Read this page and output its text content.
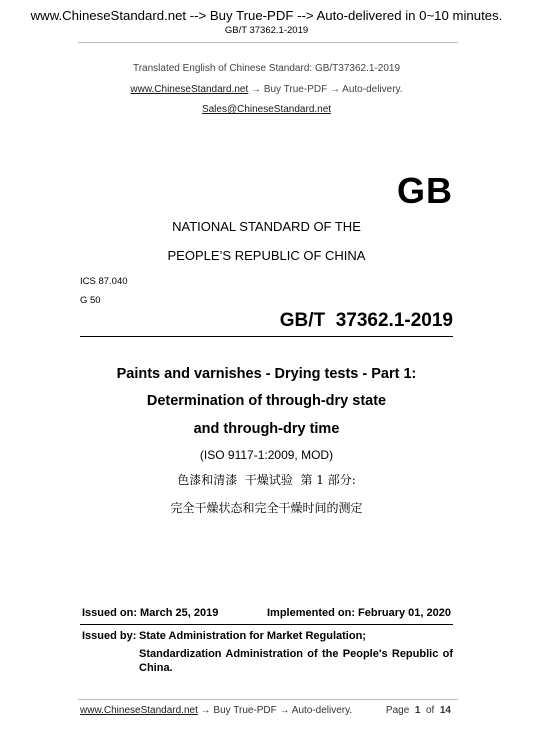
www.ChineseStandard.net --> Buy True-PDF --> Auto-delivered in 0~10 minutes.
GB/T 37362.1-2019
Translated English of Chinese Standard: GB/T37362.1-2019
www.ChineseStandard.net → Buy True-PDF → Auto-delivery.
Sales@ChineseStandard.net
GB
NATIONAL STANDARD OF THE
PEOPLE’S REPUBLIC OF CHINA
ICS 87.040
G 50
GB/T  37362.1-2019
Paints and varnishes - Drying tests - Part 1:
Determination of through-dry state
and through-dry time
(ISO 9117-1:2009, MOD)
色漆和清漆  干燥试验  第 1 部分:
完全干燥状态和完全干燥时间的测定
Issued on: March 25, 2019	Implemented on: February 01, 2020
Issued by: State Administration for Market Regulation;
Standardization Administration of the People's Republic of
China.
www.ChineseStandard.net → Buy True-PDF → Auto-delivery.	Page 1 of 14
